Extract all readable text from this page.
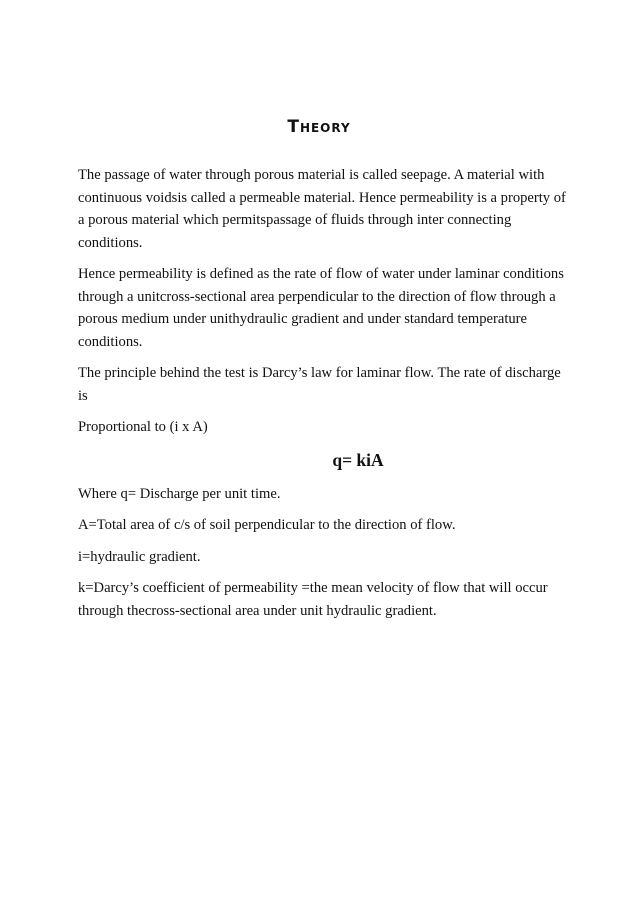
Theory

The passage of water through porous material is called seepage. A material with continuous voidsis called a permeable material. Hence permeability is a property of a porous material which permitspassage of fluids through inter connecting conditions.

Hence permeability is defined as the rate of flow of water under laminar conditions through a unitcross-sectional area perpendicular to the direction of flow through a porous medium under unithydraulic gradient and under standard temperature conditions.

The principle behind the test is Darcy’s law for laminar flow. The rate of discharge is

Proportional to (i x A)

q= kiA

Where q= Discharge per unit time.

A=Total area of c/s of soil perpendicular to the direction of flow.

i=hydraulic gradient.

k=Darcy’s coefficient of permeability =the mean velocity of flow that will occur through thecross-sectional area under unit hydraulic gradient.
